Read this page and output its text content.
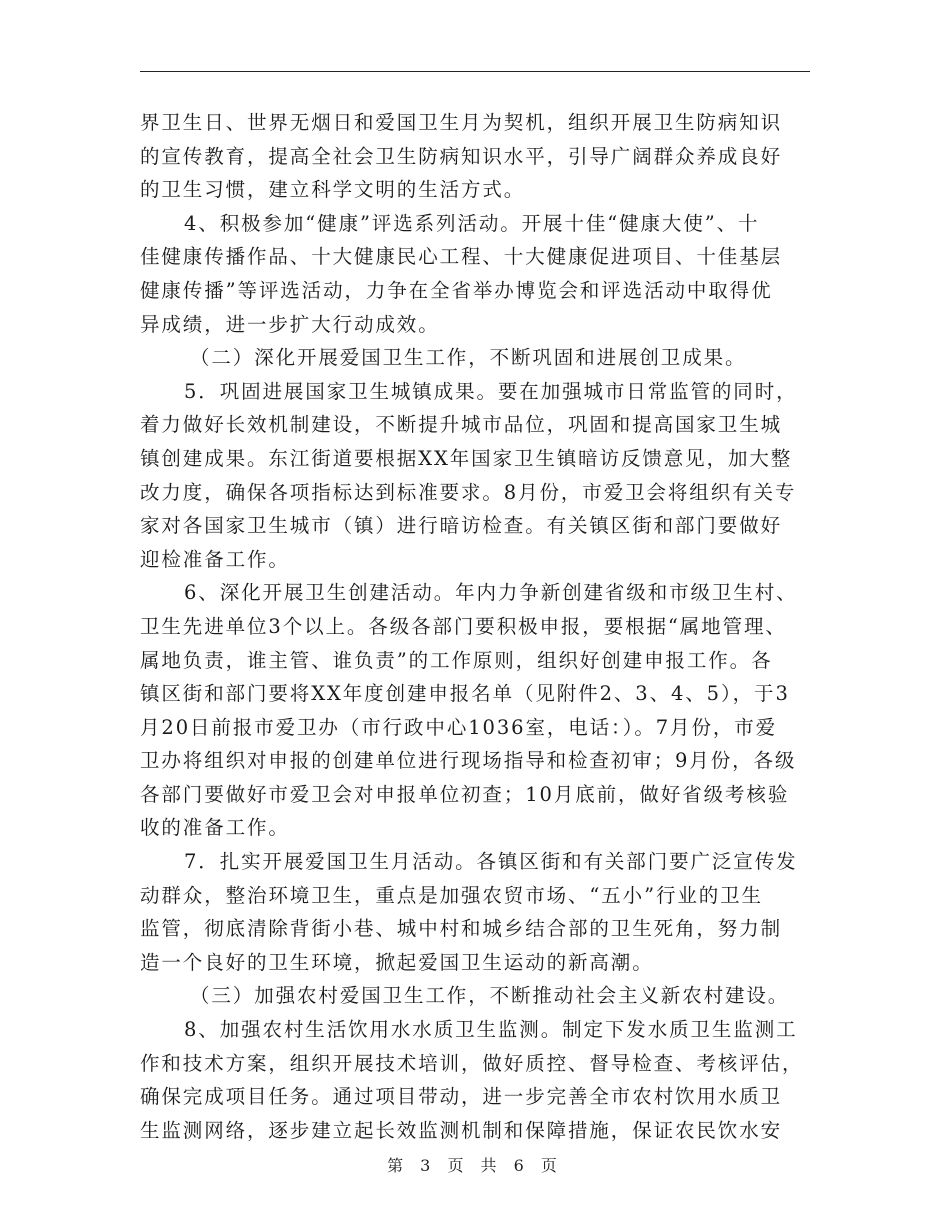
界卫生日、世界无烟日和爱国卫生月为契机，组织开展卫生防病知识
的宣传教育，提高全社会卫生防病知识水平，引导广阔群众养成良好
的卫生习惯，建立科学文明的生活方式。
4、积极参加“健康”评选系列活动。开展十佳“健康大使”、十
佳健康传播作品、十大健康民心工程、十大健康促进项目、十佳基层
健康传播”等评选活动，力争在全省举办博览会和评选活动中取得优
异成绩，进一步扩大行动成效。
（二）深化开展爱国卫生工作，不断巩固和进展创卫成果。
5．巩固进展国家卫生城镇成果。要在加强城市日常监管的同时，
着力做好长效机制建设，不断提升城市品位，巩固和提高国家卫生城
镇创建成果。东江街道要根据XX年国家卫生镇暗访反馈意见，加大整
改力度，确保各项指标达到标准要求。8月份，市爱卫会将组织有关专
家对各国家卫生城市（镇）进行暗访检查。有关镇区街和部门要做好
迎检准备工作。
6、深化开展卫生创建活动。年内力争新创建省级和市级卫生村、
卫生先进单位3个以上。各级各部门要积极申报，要根据“属地管理、
属地负责，谁主管、谁负责”的工作原则，组织好创建申报工作。各
镇区街和部门要将XX年度创建申报名单（见附件2、3、4、5），于3
月20日前报市爱卫办（市行政中心1036室，电话：）。7月份，市爱
卫办将组织对申报的创建单位进行现场指导和检查初审；9月份，各级
各部门要做好市爱卫会对申报单位初查；10月底前，做好省级考核验
收的准备工作。
7．扎实开展爱国卫生月活动。各镇区街和有关部门要广泛宣传发
动群众，整治环境卫生，重点是加强农贸市场、“五小”行业的卫生
监管，彻底清除背街小巷、城中村和城乡结合部的卫生死角，努力制
造一个良好的卫生环境，掀起爱国卫生运动的新高潮。
（三）加强农村爱国卫生工作，不断推动社会主义新农村建设。
8、加强农村生活饮用水水质卫生监测。制定下发水质卫生监测工
作和技术方案，组织开展技术培训，做好质控、督导检查、考核评估，
确保完成项目任务。通过项目带动，进一步完善全市农村饮用水质卫
生监测网络，逐步建立起长效监测机制和保障措施，保证农民饮水安
第 3 页 共 6 页
